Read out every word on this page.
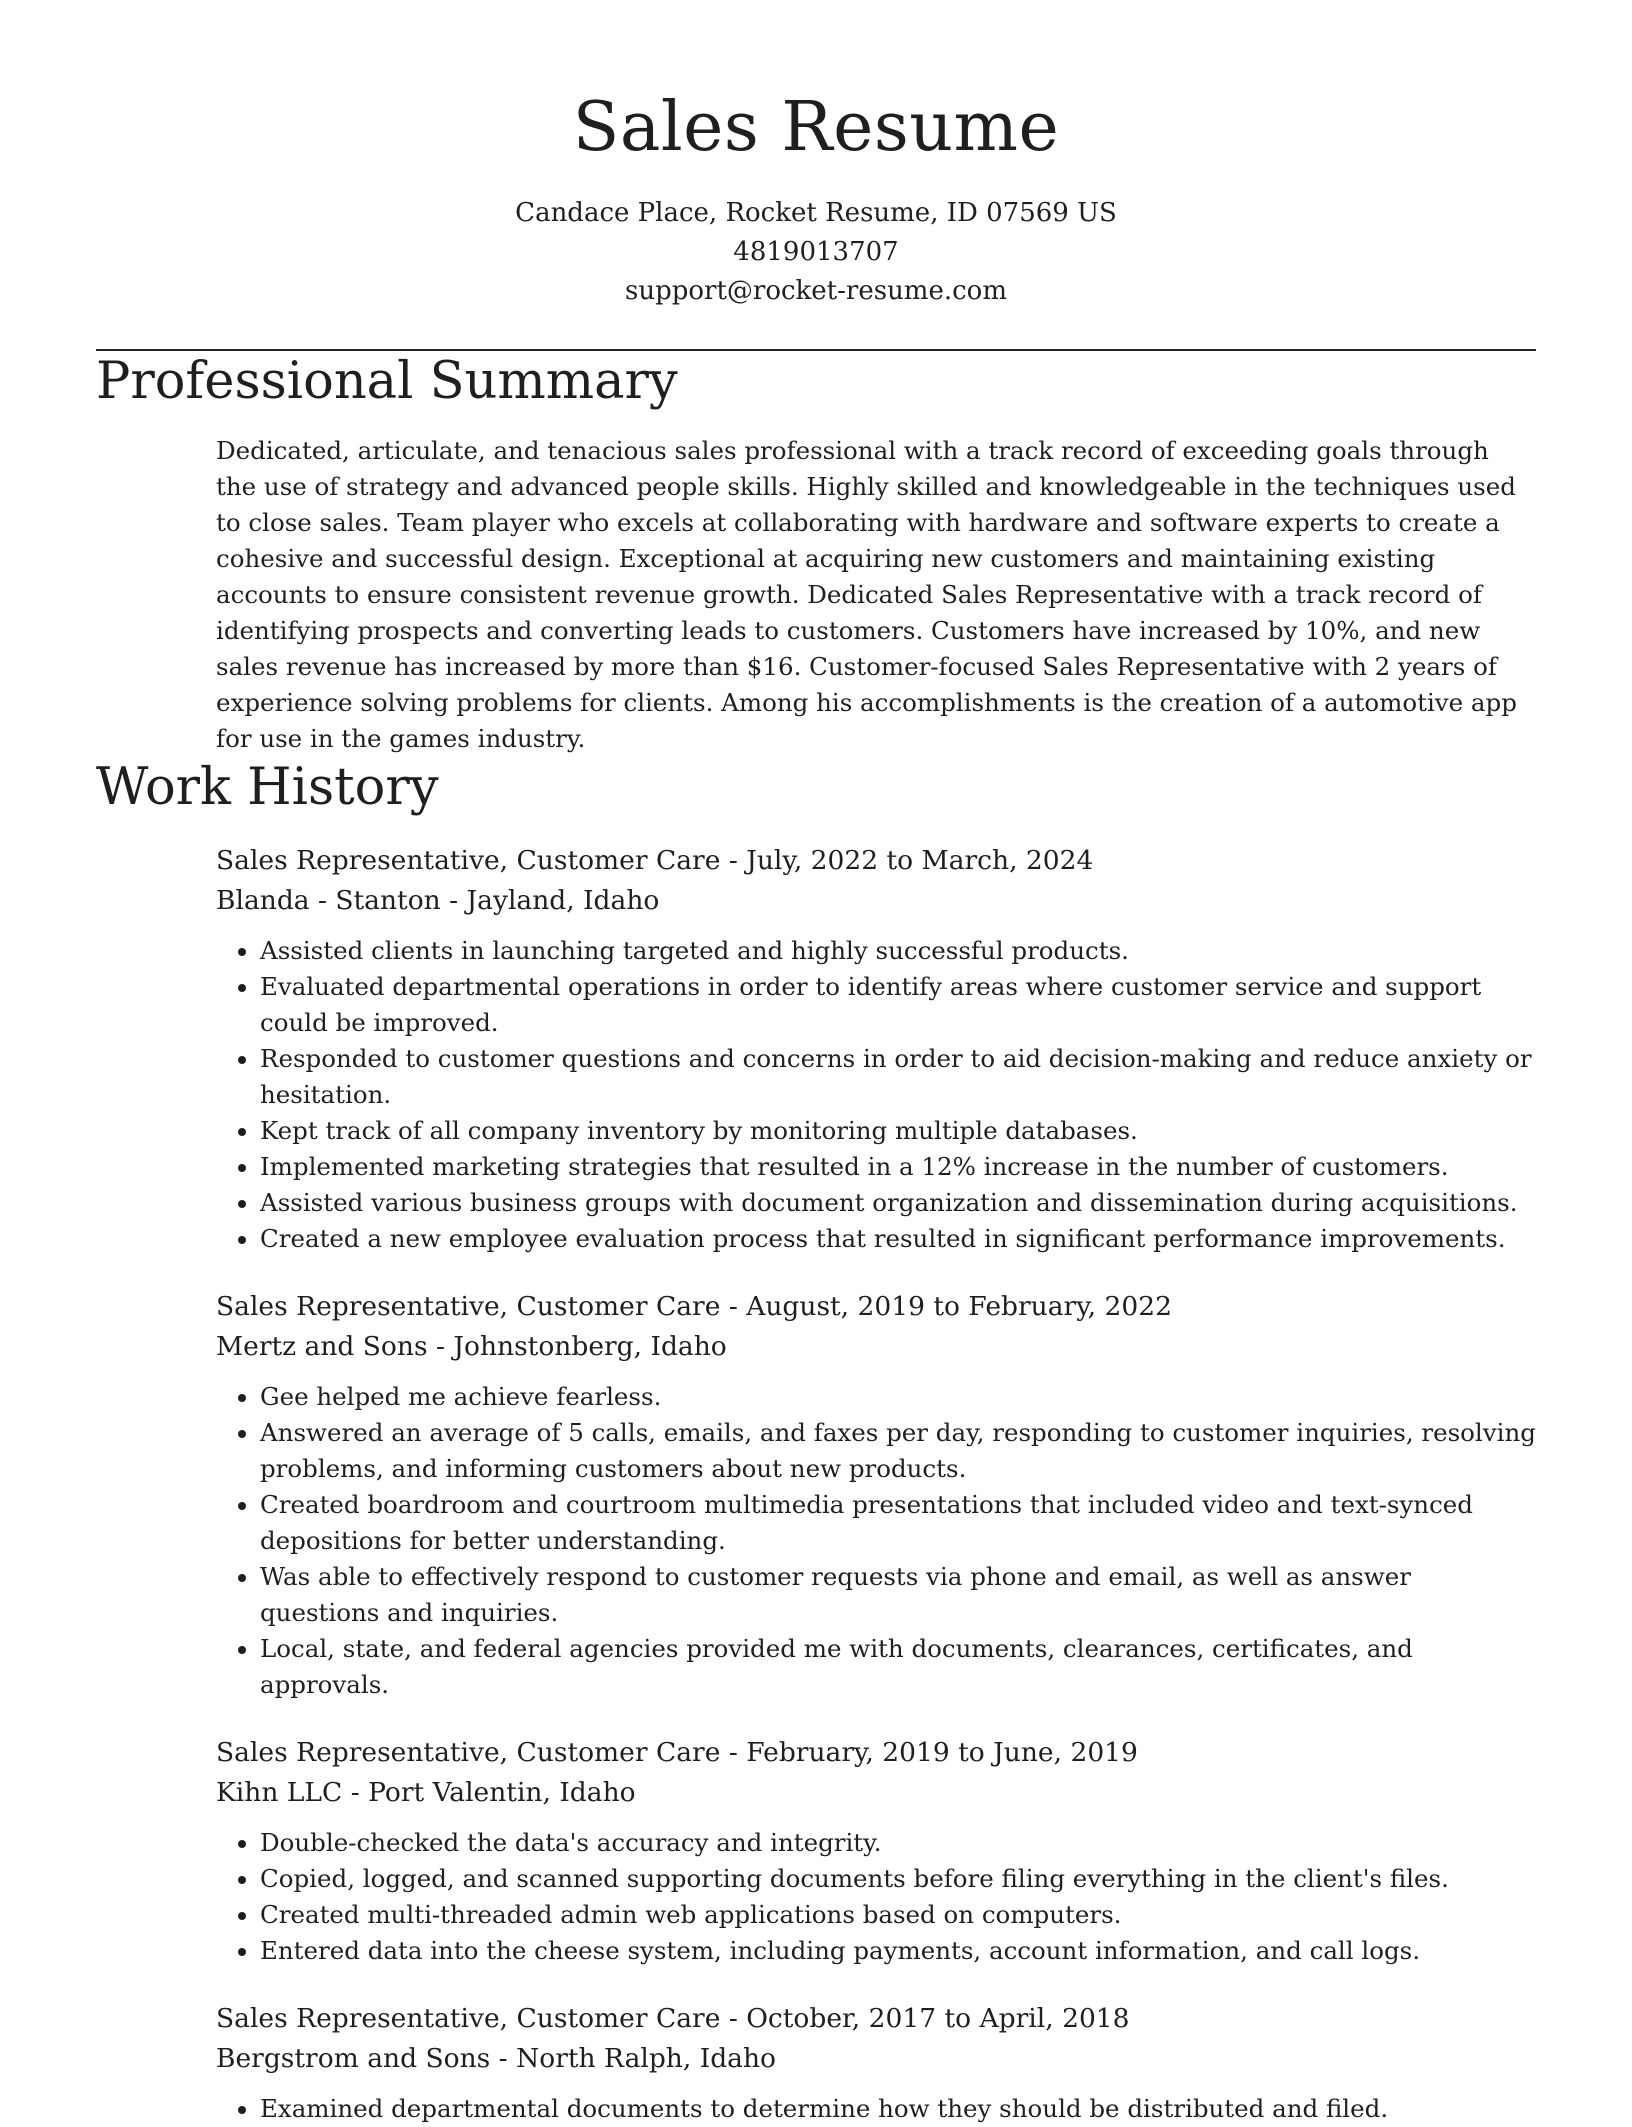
Sales Resume
Candace Place, Rocket Resume, ID 07569 US
4819013707
support@rocket-resume.com
Professional Summary
Dedicated, articulate, and tenacious sales professional with a track record of exceeding goals through the use of strategy and advanced people skills. Highly skilled and knowledgeable in the techniques used to close sales. Team player who excels at collaborating with hardware and software experts to create a cohesive and successful design. Exceptional at acquiring new customers and maintaining existing accounts to ensure consistent revenue growth. Dedicated Sales Representative with a track record of identifying prospects and converting leads to customers. Customers have increased by 10%, and new sales revenue has increased by more than $16. Customer-focused Sales Representative with 2 years of experience solving problems for clients. Among his accomplishments is the creation of a automotive app for use in the games industry.
Work History
Sales Representative, Customer Care - July, 2022 to March, 2024
Blanda - Stanton - Jayland, Idaho
• Assisted clients in launching targeted and highly successful products.
• Evaluated departmental operations in order to identify areas where customer service and support could be improved.
• Responded to customer questions and concerns in order to aid decision-making and reduce anxiety or hesitation.
• Kept track of all company inventory by monitoring multiple databases.
• Implemented marketing strategies that resulted in a 12% increase in the number of customers.
• Assisted various business groups with document organization and dissemination during acquisitions.
• Created a new employee evaluation process that resulted in significant performance improvements.
Sales Representative, Customer Care - August, 2019 to February, 2022
Mertz and Sons - Johnstonberg, Idaho
• Gee helped me achieve fearless.
• Answered an average of 5 calls, emails, and faxes per day, responding to customer inquiries, resolving problems, and informing customers about new products.
• Created boardroom and courtroom multimedia presentations that included video and text-synced depositions for better understanding.
• Was able to effectively respond to customer requests via phone and email, as well as answer questions and inquiries.
• Local, state, and federal agencies provided me with documents, clearances, certificates, and approvals.
Sales Representative, Customer Care - February, 2019 to June, 2019
Kihn LLC - Port Valentin, Idaho
• Double-checked the data's accuracy and integrity.
• Copied, logged, and scanned supporting documents before filing everything in the client's files.
• Created multi-threaded admin web applications based on computers.
• Entered data into the cheese system, including payments, account information, and call logs.
Sales Representative, Customer Care - October, 2017 to April, 2018
Bergstrom and Sons - North Ralph, Idaho
• Examined departmental documents to determine how they should be distributed and filed.
